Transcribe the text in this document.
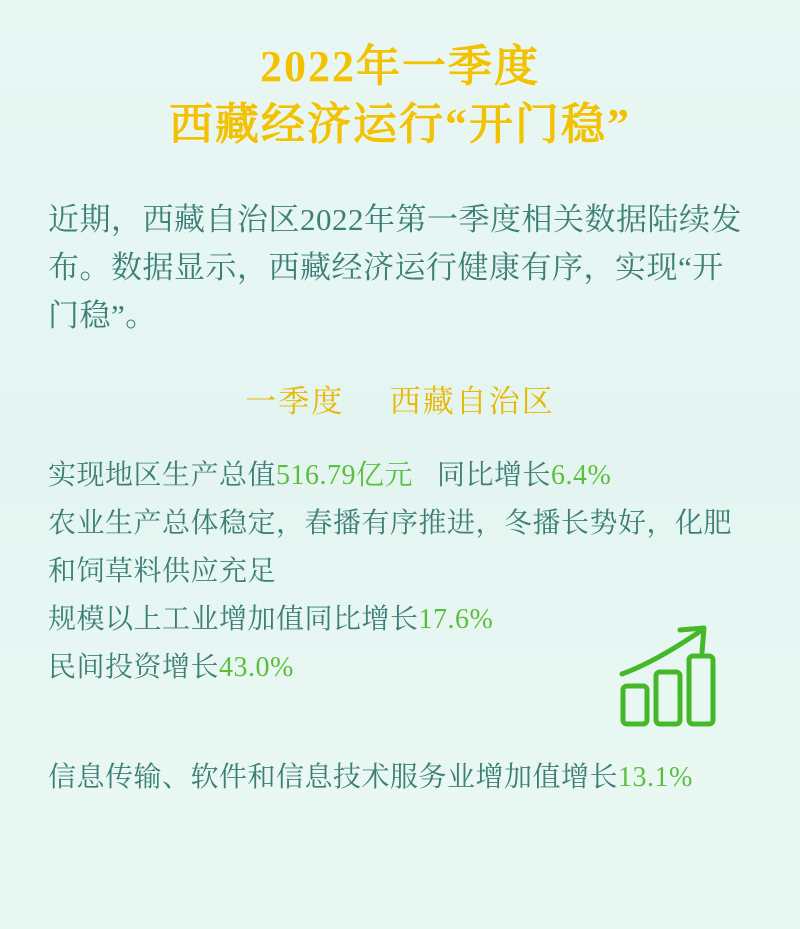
2022年一季度
西藏经济运行“开门稳”
近期，西藏自治区2022年第一季度相关数据陆续发布。数据显示，西藏经济运行健康有序，实现“开门稳”。
一季度 西藏自治区
实现地区生产总值516.79亿元 同比增长6.4%
农业生产总体稳定，春播有序推进，冬播长势好，化肥和饲草料供应充足
规模以上工业增加值同比增长17.6%
民间投资增长43.0%
信息传输、软件和信息技术服务业增加值增长13.1%
